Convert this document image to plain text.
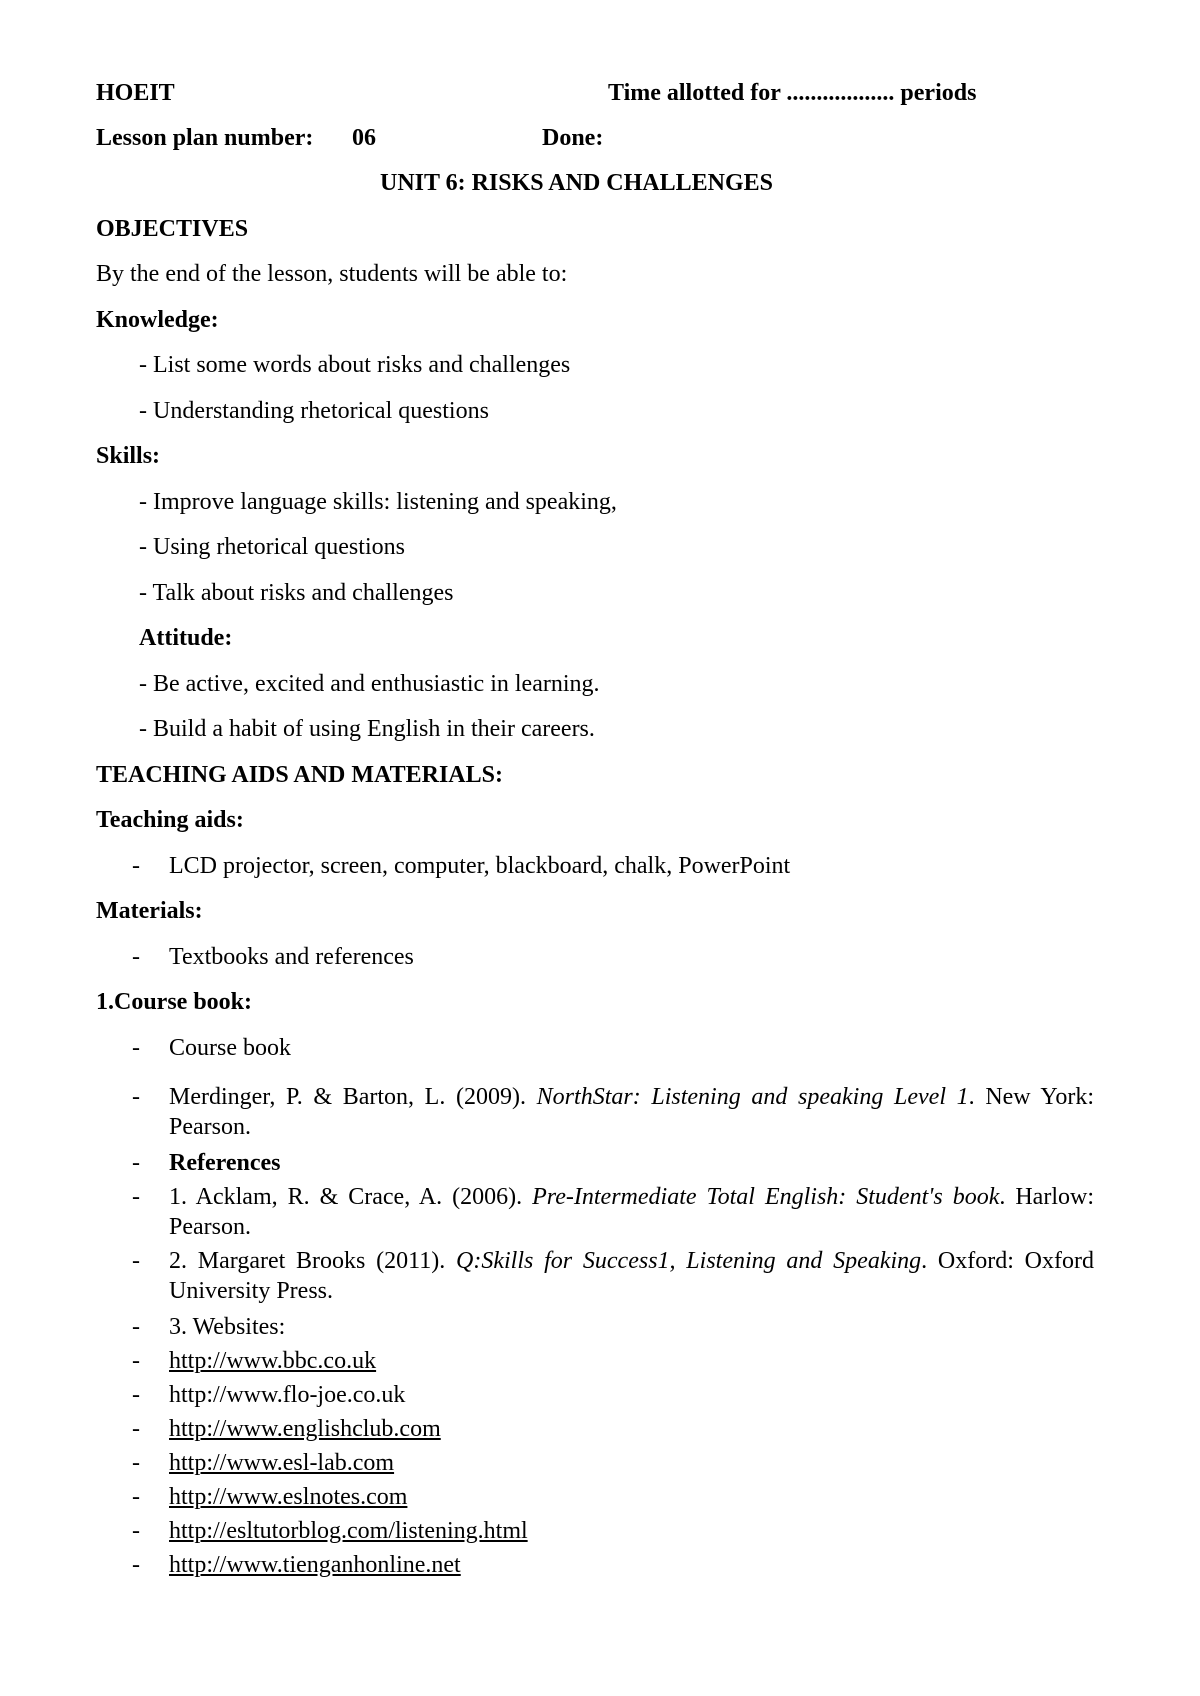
HOEIT	Time allotted for .................. periods
Lesson plan number: 06	Done:
UNIT 6: RISKS AND CHALLENGES
OBJECTIVES
By the end of the lesson, students will be able to:
Knowledge:
- List some words about risks and challenges
- Understanding rhetorical questions
Skills:
- Improve language skills: listening and speaking,
- Using rhetorical questions
- Talk about risks and challenges
Attitude:
- Be active, excited and enthusiastic in learning.
- Build a habit of using English in their careers.
TEACHING AIDS AND MATERIALS:
Teaching aids:
- LCD projector, screen, computer, blackboard, chalk, PowerPoint
Materials:
- Textbooks and references
1.Course book:
- Course book
- Merdinger, P. & Barton, L. (2009). NorthStar: Listening and speaking Level 1. New York: Pearson.
- References
- 1. Acklam, R. & Crace, A. (2006). Pre-Intermediate Total English: Student's book. Harlow: Pearson.
- 2. Margaret Brooks (2011). Q:Skills for Success1, Listening and Speaking. Oxford: Oxford University Press.
- 3. Websites:
- http://www.bbc.co.uk
- http://www.flo-joe.co.uk
- http://www.englishclub.com
- http://www.esl-lab.com
- http://www.eslnotes.com
- http://esltutorblog.com/listening.html
- http://www.tienganhonline.net
